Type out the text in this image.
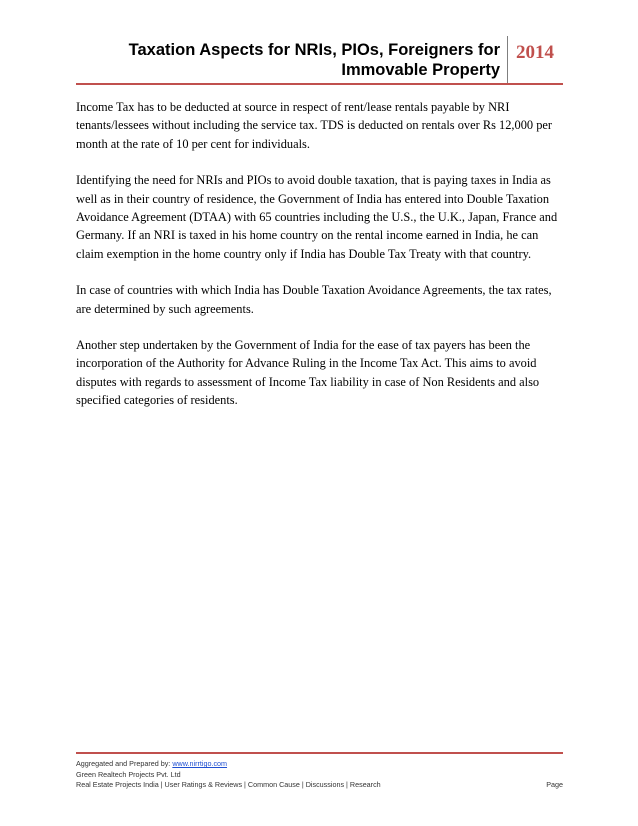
Taxation Aspects for NRIs, PIOs, Foreigners for
Immovable Property
2014

Income Tax has to be deducted at source in respect of rent/lease rentals payable by NRI tenants/lessees without including the service tax. TDS is deducted on rentals over Rs 12,000 per month at the rate of 10 per cent for individuals.

Identifying the need for NRIs and PIOs to avoid double taxation, that is paying taxes in India as well as in their country of residence, the Government of India has entered into Double Taxation Avoidance Agreement (DTAA) with 65 countries including the U.S., the U.K., Japan, France and Germany. If an NRI is taxed in his home country on the rental income earned in India, he can claim exemption in the home country only if India has Double Tax Treaty with that country.

In case of countries with which India has Double Taxation Avoidance Agreements, the tax rates, are determined by such agreements.

Another step undertaken by the Government of India for the ease of tax payers has been the incorporation of the Authority for Advance Ruling in the Income Tax Act. This aims to avoid disputes with regards to assessment of Income Tax liability in case of Non Residents and also specified categories of residents.

Aggregated and Prepared by: www.nirrtigo.com
Green Realtech Projects Pvt. Ltd
Real Estate Projects India | User Ratings & Reviews | Common Cause | Discussions | Research	Page
